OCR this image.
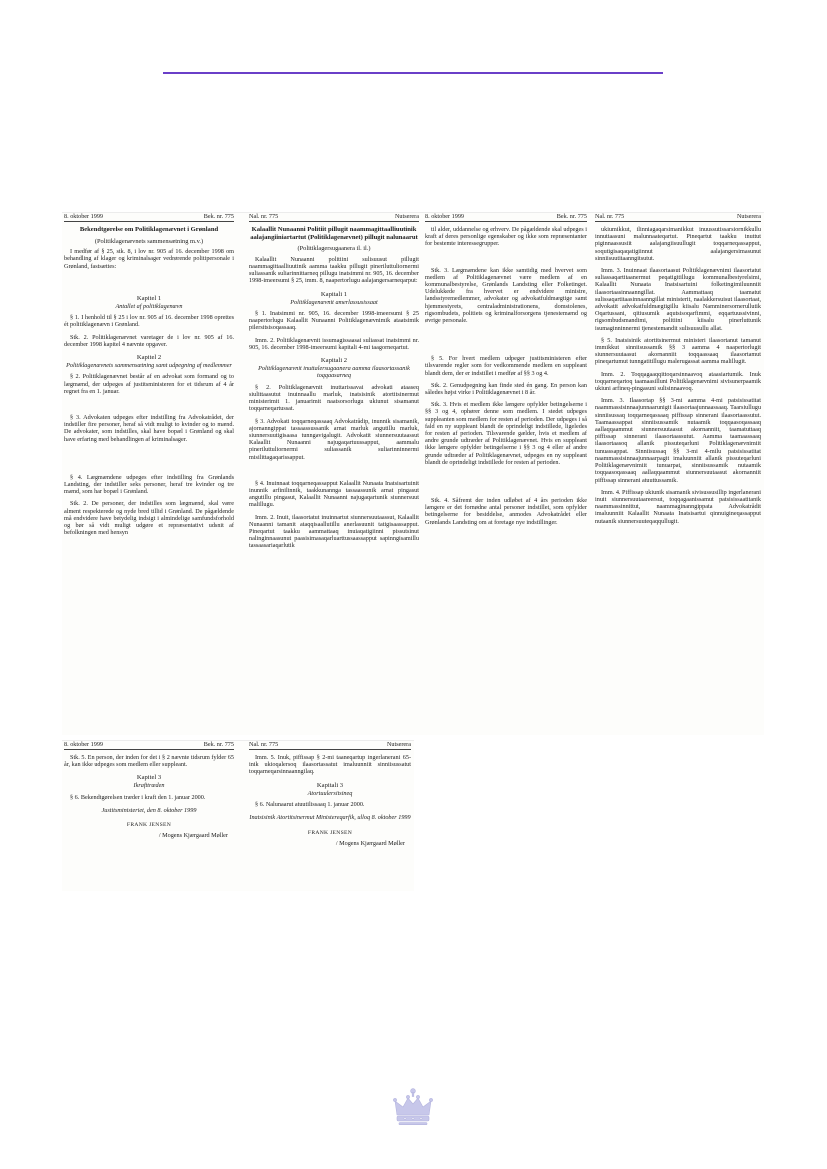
8. oktober 1999	Bek. nr. 775

Bekendtgørelse om Politiklagenævnet i Grønland

(Politiklagenævnets sammensætning m.v.)

I medfør af § 25, stk. 8, i lov nr. 905 af 16. december 1998 om behandling af klager og kriminalsager vedrørende politipersonale i Grønland, fastsættes:

Kapitel 1

Antallet af politiklagenævn

§ 1. I henhold til § 25 i lov nr. 905 af 16. december 1998 oprettes ét politiklagenævn i Grønland.

Stk. 2. Politiklagenævnet varetager de i lov nr. 905 af 16. december 1998 kapitel 4 nævnte opgaver.

Kapitel 2

Politiklagenævnets sammensætning samt udpegning af medlemmer

§ 2. Politiklagenævnet består af en advokat som formand og to lægmænd, der udpeges af justitsministeren for et tidsrum af 4 år regnet fra en 1. januar.

§ 3. Advokaten udpeges efter indstilling fra Advokatrådet, der indstiller fire personer, heraf så vidt muligt to kvinder og to mænd. De advokater, som indstilles, skal have bopæl i Grønland og skal have erfaring med behandlingen af kriminalsager.

§ 4. Lægmændene udpeges efter indstilling fra Grønlands Landsting, der indstiller seks personer, heraf tre kvinder og tre mænd, som har bopæl i Grønland.

Stk. 2. De personer, der indstilles som lægmænd, skal være alment respekterede og nyde bred tillid i Grønland. De pågældende må endvidere have betydelig indsigt i almindelige samfundsforhold og bør så vidt muligt udgøre et repræsentativt udsnit af befolkningen med hensyn

Nal. nr. 775	Nutserera

Kalaallit Nunaanni Politiit pillugit naammagittaalliuutinik aalajangiiniartartut (Politiklagenævnet) pillugit nalunaarut

(Politiklagersugaanera il. il.)

Kalaallit Nunaanni politiini sulisuusut pillugit naammagittaalliuutinik aamma taakku pillugit pineriluttuliornermi suliassanik suliarinnittarneq pillugu inatsimmi nr. 905, 16. december 1998-imeersumi § 25, imm. 8, naapertorlugu aalajangersarneqarput:

Kapitali 1

Politiklagenævnit amerlassusissaat

§ 1. Inatsimmi nr. 905, 16. december 1998-imeersumi § 25 naapertorlugu Kalaallit Nunaanni Politiklagenævnimik ataatsimik pilersitsisoqassaaq.

Imm. 2. Politiklagenævnit issumagissaasai suliassat inatsimmi nr. 905, 16. december 1998-imeersumi kapitali 4-mi taagorneqartut.

Kapitali 2

Politiklagenævnit inuttalersugaanera aamma ilaasortassanik toqqaasarneq

§ 2. Politiklagenævnit inuttarissavai advokati ataaseq siulittaasutut inuinnaallu marluk, inatsisinik atortitsinermut ministerimit 1. januarimit naatsorsorlugu ukiunut sisamanut toqqarneqartussat.

§ 3. Advokati toqqarneqassaaq Advokatrådip, inunnik sisamanik, ajornanngippat tassaassussanik arnat marluk angutillu marluk, siunnersuutigisaasa tunngavigalugit. Advokatit siunnersuutaassut Kalaallit Nunaanni najugaqartuussapput, aammalu pineriluttuliornermi suliassanik suliarinninnermi misilittagaqarissapput.

§ 4. Inuinnaat toqqarneqassapput Kalaallit Nunaata Inatsisartuinit inunnik arfinilinnik, taakkunannga tassaassunik arnat pingasut angutillu pingasut, Kalaallit Nunaanni najugaqartunik siunnersuut malillugu.

Imm. 2. Inuit, ilaasortatut inuinnartut siunnersuutaassut, Kalaallit Nunaanni tamanit ataqqisaallutillu anerlasuunit tatigisaassapput. Pineqartut taakku aammattaaq inuiaqatigiinni pissutsinut nalinginnaasunut paasisimasaqarluarttussaassapput sapinngisamillu tassaasariaqarlutik

8. oktober 1999	Bek. nr. 775

til alder, uddannelse og erhverv. De pågældende skal udpeges i kraft af deres personlige egenskaber og ikke som repræsentanter for bestemte interessegrupper.

Stk. 3. Lægmændene kan ikke samtidig med hvervet som medlem af Politiklagenævnet være medlem af en kommunalbestyrelse, Grønlands Landsting eller Folketinget. Udelukkede fra hvervet er endvidere ministre, landsstyremedlemmer, advokater og advokatfuldmægtige samt hjemmestyrets, centraladministrationens, domstolenes, rigsombudets, politiets og kriminalforsorgens tjenestemænd og øvrige personale.

§ 5. For hvert medlem udpeger justitsministeren efter tilsvarende regler som for vedkommende medlem en suppleant blandt dem, der er indstillet i medfør af §§ 3 og 4.

Stk. 2. Genudpegning kan finde sted én gang. En person kan således højst virke i Politiklagenævnet i 8 år.

Stk. 3. Hvis et medlem ikke længere opfylder betingelserne i §§ 3 og 4, ophører denne som medlem. I stedet udpeges suppleanten som medlem for resten af perioden. Der udpeges i så fald en ny suppleant blandt de oprindeligt indstillede, ligeledes for resten af perioden. Tilsvarende gælder, hvis et medlem af andre grunde udtræder af Politiklagenævnet. Hvis en suppleant ikke længere opfylder betingelserne i §§ 3 og 4 eller af andre grunde udtræder af Politiklagenævnet, udpeges en ny suppleant blandt de oprindeligt indstillede for resten af perioden.

Stk. 4. Såfremt der inden udløbet af 4 års perioden ikke længere er det fornødne antal personer indstillet, som opfylder betingelserne for besiddelse, anmodes Advokatrådet eller Grønlands Landsting om at foretage nye indstillinger.

Nal. nr. 775	Nutserera

ukiumikkut, ilinniagaqarsimanikkut inuussutissarsiornikkullu innuttaasuni malunnaateqartut. Pineqartut taakku inuttut piginnaassusiit aalajangiisuullugit toqqarneqassapput, soqutigisaqaqatigiinnut aalajangersimasunut sinniisuutitaanngitsutut.

Imm. 3. Inuinnaat ilaasortaasut Politiklagenævnimi ilaasortatut suliassaqartitaanermut peqatigitillugu kommunalbestyrelsimi, Kalaallit Nunaata Inatsisartuini folketingimiluunniit ilaasortaasinnaanngillat. Aammattaaq taamatut sulissaqartitaasinnaanngillat ministerit, naalakkersuisut ilaasortaat, advokatit advokatfuldmægtigillu kiisalu Namminersornerullutik Oqartussani, qitiusumik aqutsisoqarfimmi, eqqartuussivinni, rigsombudsmandimi, politiini kiisalu pinerluttunik isumaginninnermi tjenestemandit sulisuusullu allat.

§ 5. Inatsisinik atortitsinermut ministeri ilaasortanut tamanut immikkut sinniisussamik §§ 3 aamma 4 naapertorlugit siunnersuutaasut akornanniit toqqaassaaq ilaasortamut pineqartumut tunngatitillugu malerugassat aamma malillugit.

Imm. 2. Toqqagaaqqittoqarsinnaavoq ataasiartumik. Inuk toqqarneqartoq taamaasilluni Politiklagenævnimi sivisunerpaamik ukiuni arfineq-pingasuni sulisinnaavoq.

Imm. 3. Ilaasortap §§ 3-mi aamma 4-mi patsisissatitat naammassisinnaajunnaarunigit ilaasortaajunnaassaaq. Taarsiullugu sinniisussaq toqqarneqassaaq piffissap sinnerani ilaasortaassutut. Taamaassappat sinniisussamik nutaamik toqqaasoqassaaq aallaqqaammut siunnersuutaasut akornanniit, taamatuttaaq piffissap sinnerani ilaasortaassutut. Aamma taamaassaaq ilaasortaasoq allanik pissuteqarluni Politiklagenævnimiit tunuassappat. Sinniisussaq §§ 3-mi 4-milu patsisissatitat naammassisinnaajunnaarpagit imaluunniit allanik pissuteqarluni Politiklagenævnimiit tunuarpat, sinniisussamik nutaamik toqqaasoqassaaq aallaqqaammut siunnersuutaasut akornanniit piffissap sinnerani atuuttussamik.

Imm. 4. Piffissap ukiunik sisamanik sivisussusillip ingerlanerani inuit siunnersuutaareersut, toqqagaanissamut patsisissaatitanik naammassinnittut, naammaginanngippata Advokatrådit imaluunniit Kalaallit Nunaata Inatsisartui qinnuigineqassapput nutaanik siunnersuuteqaqqullugit.

8. oktober 1999	Bek. nr. 775

Stk. 5. En person, der inden for det i § 2 nævnte tidsrum fylder 65 år, kan ikke udpeges som medlem eller suppleant.

Kapitel 3

Ikrafttræden

§ 6. Bekendtgørelsen træder i kraft den 1. januar 2000.

Justitsministeriet, den 8. oktober 1999

FRANK JENSEN

/ Mogens Kjærgaard Møller

Nal. nr. 775	Nutserera

Imm. 5. Inuk, piffissap § 2-mi taaneqartup ingerlanerani 65-inik ukioqalersoq ilaasortassatut imaluunniit sinniisussatut toqqarneqarsinnaanngilaq.

Kapitali 3

Atortuulersitsineq

§ 6. Nalunaarut atuutilissaaq 1. januar 2000.

Inatsisinik Atortitsinermut Ministereqarfik, ulloq 8. oktober 1999

FRANK JENSEN

/ Mogens Kjærgaard Møller
